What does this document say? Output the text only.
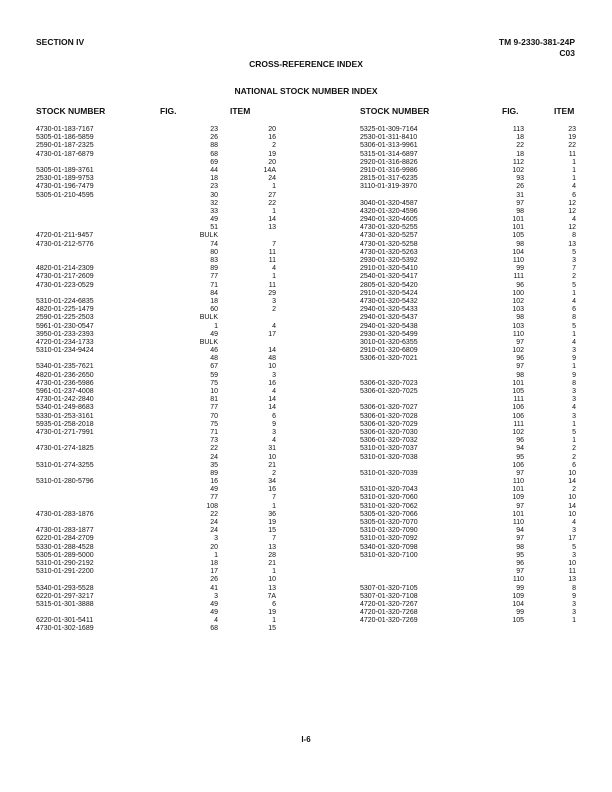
SECTION IV	TM 9-2330-381-24P
C03
CROSS-REFERENCE INDEX
NATIONAL STOCK NUMBER INDEX
STOCK NUMBER	FIG.	ITEM	STOCK NUMBER	FIG.	ITEM
4730-01-183-7167	23	20
5305-01-186-5859	26	16
2590-01-187-2325	88	2
4730-01-187-6879	68	19
69	20
5305-01-189-3761	44	14A
2530-01-189-9753	18	24
4730-01-196-7479	23	1
5305-01-210-4595	30	27
32	22
33	1
49	14
51	13
4720-01-211-9457	BULK
4730-01-212-5776	74	7
80	11
83	11
4820-01-214-2309	89	4
4730-01-217-2609	77	1
4730-01-223-0529	71	11
84	29
5310-01-224-6835	18	3
4820-01-225-1479	60	2
2590-01-225-2503	BULK
5961-01-230-0547	1	4
3950-01-233-2393	49	17
4720-01-234-1733	BULK
5310-01-234-9424	46	14
48	48
5340-01-235-7621	67	10
4820-01-236-2650	59	3
4730-01-236-5986	75	16
5961-01-237-4008	10	4
4730-01-242-2840	81	14
5340-01-249-8683	77	14
5330-01-253-3161	70	6
5935-01-258-2018	75	9
4730-01-271-7991	71	3
73	4
4730-01-274-1825	22	31
24	10
5310-01-274-3255	35	21
89	2
5310-01-280-5796	16	34
49	16
77	7
108	1
4730-01-283-1876	22	36
24	19
4730-01-283-1877	24	15
6220-01-284-2709	3	7
5330-01-288-4528	20	13
5305-01-289-5000	1	28
5310-01-290-2192	18	21
5310-01-291-2200	17	1
26	10
5340-01-293-5528	41	13
6220-01-297-3217	3	7A
5315-01-301-3888	49	6
49	19
6220-01-301-5411	4	1
4730-01-302-1689	68	15
5325-01-309-7164	113	23
2530-01-311-8410	18	19
5306-01-313-9961	22	22
5315-01-314-6897	18	11
2920-01-316-8826	112	1
2910-01-316-9986	102	1
2815-01-317-6235	93	1
3110-01-319-3970	26	4
31	6
3040-01-320-4587	97	12
4320-01-320-4596	98	12
2940-01-320-4605	101	4
4730-01-320-5255	101	12
4730-01-320-5257	105	8
4730-01-320-5258	98	13
4730-01-320-5263	104	5
2930-01-320-5392	110	3
2910-01-320-5410	99	7
2540-01-320-5417	111	2
2805-01-320-5420	96	5
2910-01-320-5424	100	1
4730-01-320-5432	102	4
2940-01-320-5433	103	6
2940-01-320-5437	98	8
2940-01-320-5438	103	5
2930-01-320-5499	110	1
3010-01-320-6355	97	4
2910-01-320-6809	102	3
5306-01-320-7021	96	9
97	1
98	9
5306-01-320-7023	101	8
5306-01-320-7025	105	3
111	3
5306-01-320-7027	106	4
5306-01-320-7028	106	3
5306-01-320-7029	111	1
5306-01-320-7030	102	5
5306-01-320-7032	96	1
5310-01-320-7037	94	2
5310-01-320-7038	95	2
106	6
5310-01-320-7039	97	10
110	14
5310-01-320-7043	101	2
5310-01-320-7060	109	10
5310-01-320-7062	97	14
5305-01-320-7066	101	10
5305-01-320-7070	110	4
5310-01-320-7090	94	3
5310-01-320-7092	97	17
5340-01-320-7098	98	5
5310-01-320-7100	95	3
96	10
97	11
110	13
5307-01-320-7105	99	8
5307-01-320-7108	109	9
4720-01-320-7267	104	3
4720-01-320-7268	99	3
4720-01-320-7269	105	1
I-6
